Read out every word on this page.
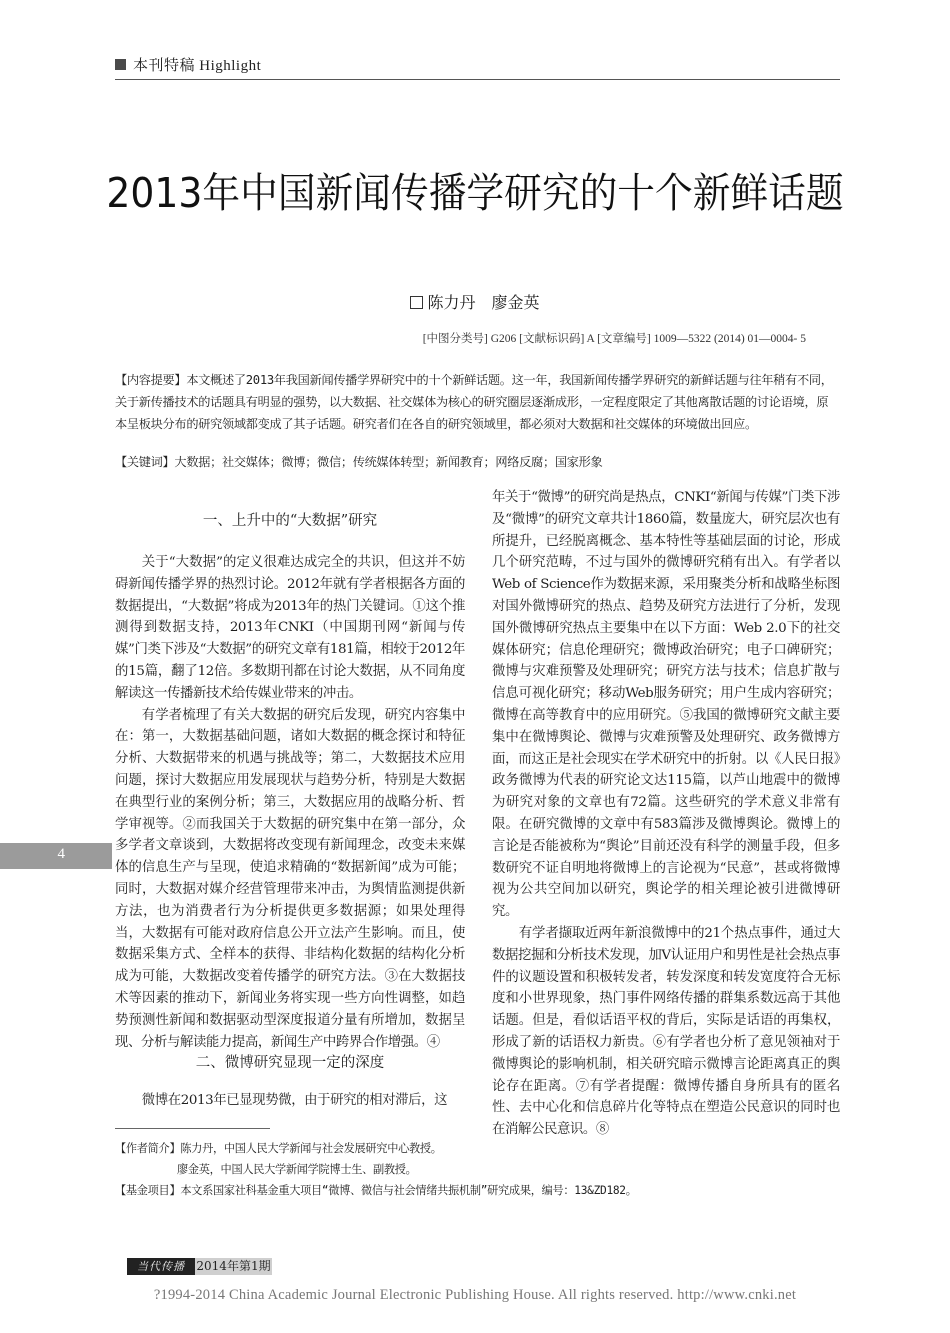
本刊特稿 Highlight
2013年中国新闻传播学研究的十个新鲜话题
陈力丹　廖金英
[中图分类号] G206 [文献标识码] A [文章编号] 1009—5322 (2014) 01—0004- 5
【内容提要】本文概述了2013年我国新闻传播学界研究中的十个新鲜话题。这一年，我国新闻传播学界研究的新鲜话题与往年稍有不同，关于新传播技术的话题具有明显的强势，以大数据、社交媒体为核心的研究圈层逐渐成形，一定程度限定了其他离散话题的讨论语境，原本呈板块分布的研究领域都变成了其子话题。研究者们在各自的研究领域里，都必须对大数据和社交媒体的环境做出回应。
【关键词】大数据；社交媒体；微博；微信；传统媒体转型；新闻教育；网络反腐；国家形象
一、上升中的“大数据”研究

关于“大数据”的定义很难达成完全的共识，但这并不妨碍新闻传播学界的热烈讨论。2012年就有学者根据各方面的数据提出，“大数据”将成为2013年的热门关键词。①这个推测得到数据支持，2013年CNKI（中国期刊网“新闻与传媒”门类下涉及“大数据”的研究文章有181篇，相较于2012年的15篇，翻了12倍。多数期刊都在讨论大数据，从不同角度解读这一传播新技术给传媒业带来的冲击。

有学者梳理了有关大数据的研究后发现，研究内容集中在：第一，大数据基础问题，诸如大数据的概念探讨和特征分析、大数据带来的机遇与挑战等；第二，大数据技术应用问题，探讨大数据应用发展现状与趋势分析，特别是大数据在典型行业的案例分析；第三，大数据应用的战略分析、哲学审视等。②而我国关于大数据的研究集中在第一部分，众多学者文章谈到，大数据将改变现有新闻理念，改变未来媒体的信息生产与呈现，使追求精确的“数据新闻”成为可能；同时，大数据对媒介经营管理带来冲击，为舆情监测提供新方法，也为消费者行为分析提供更多数据源；如果处理得当，大数据有可能对政府信息公开立法产生影响。而且，使数据采集方式、全样本的获得、非结构化数据的结构化分析成为可能，大数据改变着传播学的研究方法。③在大数据技术等因素的推动下，新闻业务将实现一些方向性调整，如趋势预测性新闻和数据驱动型深度报道分量有所增加，数据呈现、分析与解读能力提高，新闻生产中跨界合作增强。④

二、微博研究显现一定的深度

微博在2013年已显现势微，由于研究的相对滞后，这

年关于“微博”的研究尚是热点，CNKI“新闻与传媒”门类下涉及“微博”的研究文章共计1860篇，数量庞大，研究层次也有所提升，已经脱离概念、基本特性等基础层面的讨论，形成几个研究范畴，不过与国外的微博研究稍有出入。有学者以Web of Science作为数据来源，采用聚类分析和战略坐标图对国外微博研究的热点、趋势及研究方法进行了分析，发现国外微博研究热点主要集中在以下方面：Web 2.0下的社交媒体研究；信息伦理研究；微博政治研究；电子口碑研究；微博与灾难预警及处理研究；研究方法与技术；信息扩散与信息可视化研究；移动Web服务研究；用户生成内容研究；微博在高等教育中的应用研究。⑤我国的微博研究文献主要集中在微博舆论、微博与灾难预警及处理研究、政务微博方面，而这正是社会现实在学术研究中的折射。以《人民日报》政务微博为代表的研究论文达115篇，以芦山地震中的微博为研究对象的文章也有72篇。这些研究的学术意义非常有限。在研究微博的文章中有583篇涉及微博舆论。微博上的言论是否能被称为“舆论”目前还没有科学的测量手段，但多数研究不证自明地将微博上的言论视为“民意”，甚或将微博视为公共空间加以研究，舆论学的相关理论被引进微博研究。

有学者撷取近两年新浪微博中的21个热点事件，通过大数据挖掘和分析技术发现，加V认证用户和男性是社会热点事件的议题设置和积极转发者，转发深度和转发宽度符合无标度和小世界现象，热门事件网络传播的群集系数远高于其他话题。但是，看似话语平权的背后，实际是话语的再集权，形成了新的话语权力新贵。⑥有学者也分析了意见领袖对于微博舆论的影响机制，相关研究暗示微博言论距离真正的舆论存在距离。⑦有学者提醒：微博传播自身所具有的匿名性、去中心化和信息碎片化等特点在塑造公民意识的同时也在消解公民意识。⑧

4
【作者简介】陈力丹，中国人民大学新闻与社会发展研究中心教授。
廖金英，中国人民大学新闻学院博士生、副教授。
【基金项目】本文系国家社科基金重大项目“微博、微信与社会情绪共振机制”研究成果，编号：13&ZD182。
当代传播 2014年第1期
?1994-2014 China Academic Journal Electronic Publishing House. All rights reserved. http://www.cnki.net
